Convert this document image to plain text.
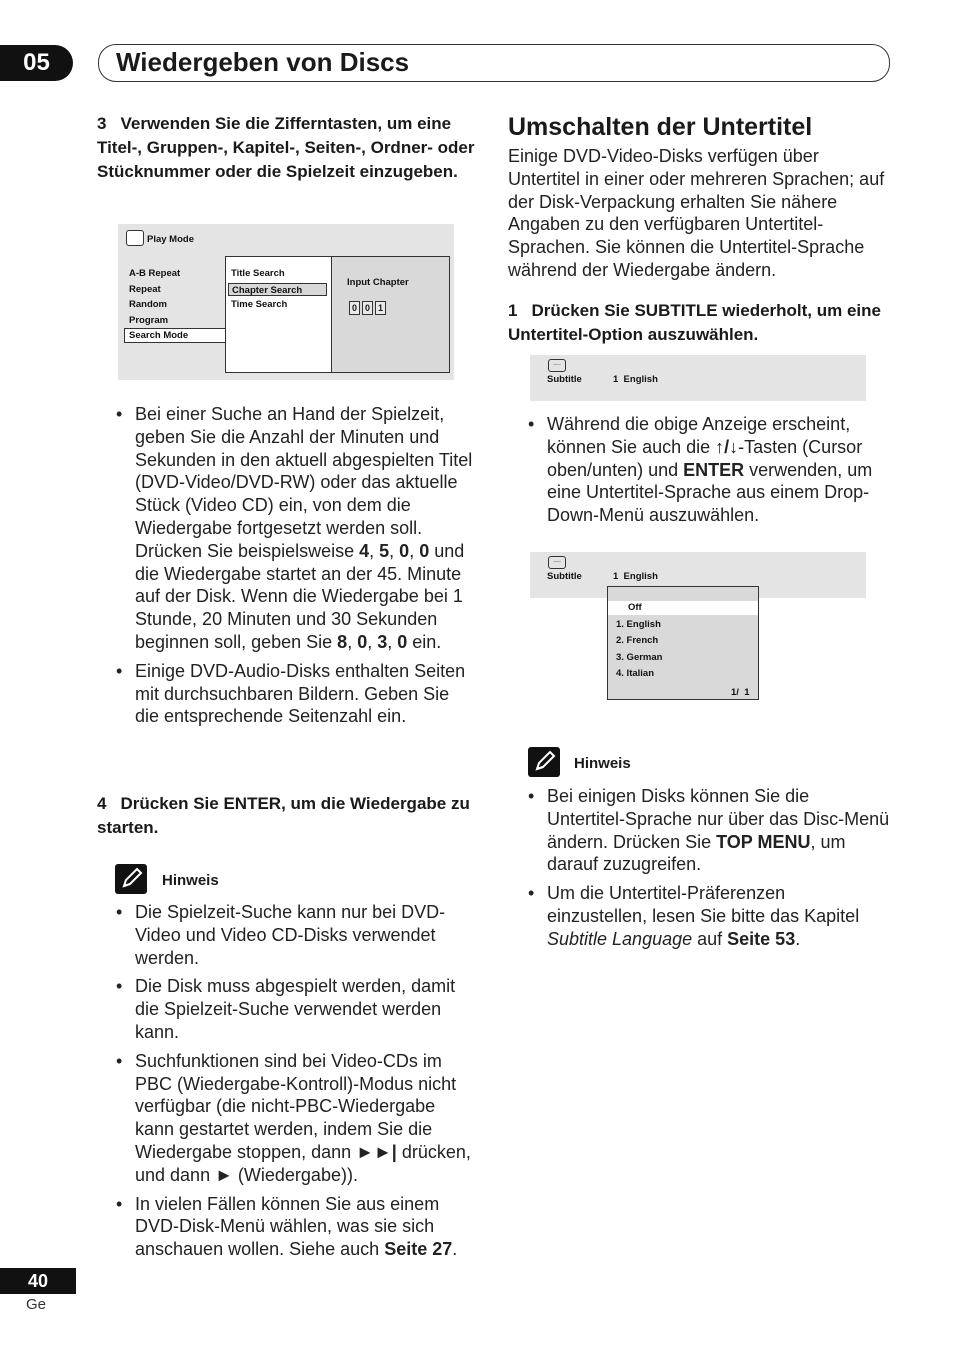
05	Wiedergeben von Discs
3 Verwenden Sie die Zifferntasten, um eine Titel-, Gruppen-, Kapitel-, Seiten-, Ordner- oder Stücknummer oder die Spielzeit einzugeben.
Play Mode
A-B Repeat
Repeat
Random
Program
Search Mode
Title Search
Chapter Search
Time Search
Input Chapter
0 0 1
• Bei einer Suche an Hand der Spielzeit, geben Sie die Anzahl der Minuten und Sekunden in den aktuell abgespielten Titel (DVD-Video/DVD-RW) oder das aktuelle Stück (Video CD) ein, von dem die Wiedergabe fortgesetzt werden soll. Drücken Sie beispielsweise 4, 5, 0, 0 und die Wiedergabe startet an der 45. Minute auf der Disk. Wenn die Wiedergabe bei 1 Stunde, 20 Minuten und 30 Sekunden beginnen soll, geben Sie 8, 0, 3, 0 ein.
• Einige DVD-Audio-Disks enthalten Seiten mit durchsuchbaren Bildern. Geben Sie die entsprechende Seitenzahl ein.
4 Drücken Sie ENTER, um die Wiedergabe zu starten.
Hinweis
• Die Spielzeit-Suche kann nur bei DVD-Video und Video CD-Disks verwendet werden.
• Die Disk muss abgespielt werden, damit die Spielzeit-Suche verwendet werden kann.
• Suchfunktionen sind bei Video-CDs im PBC (Wiedergabe-Kontroll)-Modus nicht verfügbar (die nicht-PBC-Wiedergabe kann gestartet werden, indem Sie die Wiedergabe stoppen, dann ►►| drücken, und dann ► (Wiedergabe)).
• In vielen Fällen können Sie aus einem DVD-Disk-Menü wählen, was sie sich anschauen wollen. Siehe auch Seite 27.
Umschalten der Untertitel
Einige DVD-Video-Disks verfügen über Untertitel in einer oder mehreren Sprachen; auf der Disk-Verpackung erhalten Sie nähere Angaben zu den verfügbaren Untertitel-Sprachen. Sie können die Untertitel-Sprache während der Wiedergabe ändern.
1 Drücken Sie SUBTITLE wiederholt, um eine Untertitel-Option auszuwählen.
....
Subtitle	1  English
• Während die obige Anzeige erscheint, können Sie auch die ↑/↓-Tasten (Cursor oben/unten) und ENTER verwenden, um eine Untertitel-Sprache aus einem Drop-Down-Menü auszuwählen.
....
Subtitle	1  English
Off
1. English
2. French
3. German
4. Italian
1/  1
Hinweis
• Bei einigen Disks können Sie die Untertitel-Sprache nur über das Disc-Menü ändern. Drücken Sie TOP MENU, um darauf zuzugreifen.
• Um die Untertitel-Präferenzen einzustellen, lesen Sie bitte das Kapitel Subtitle Language auf Seite 53.
40
Ge
